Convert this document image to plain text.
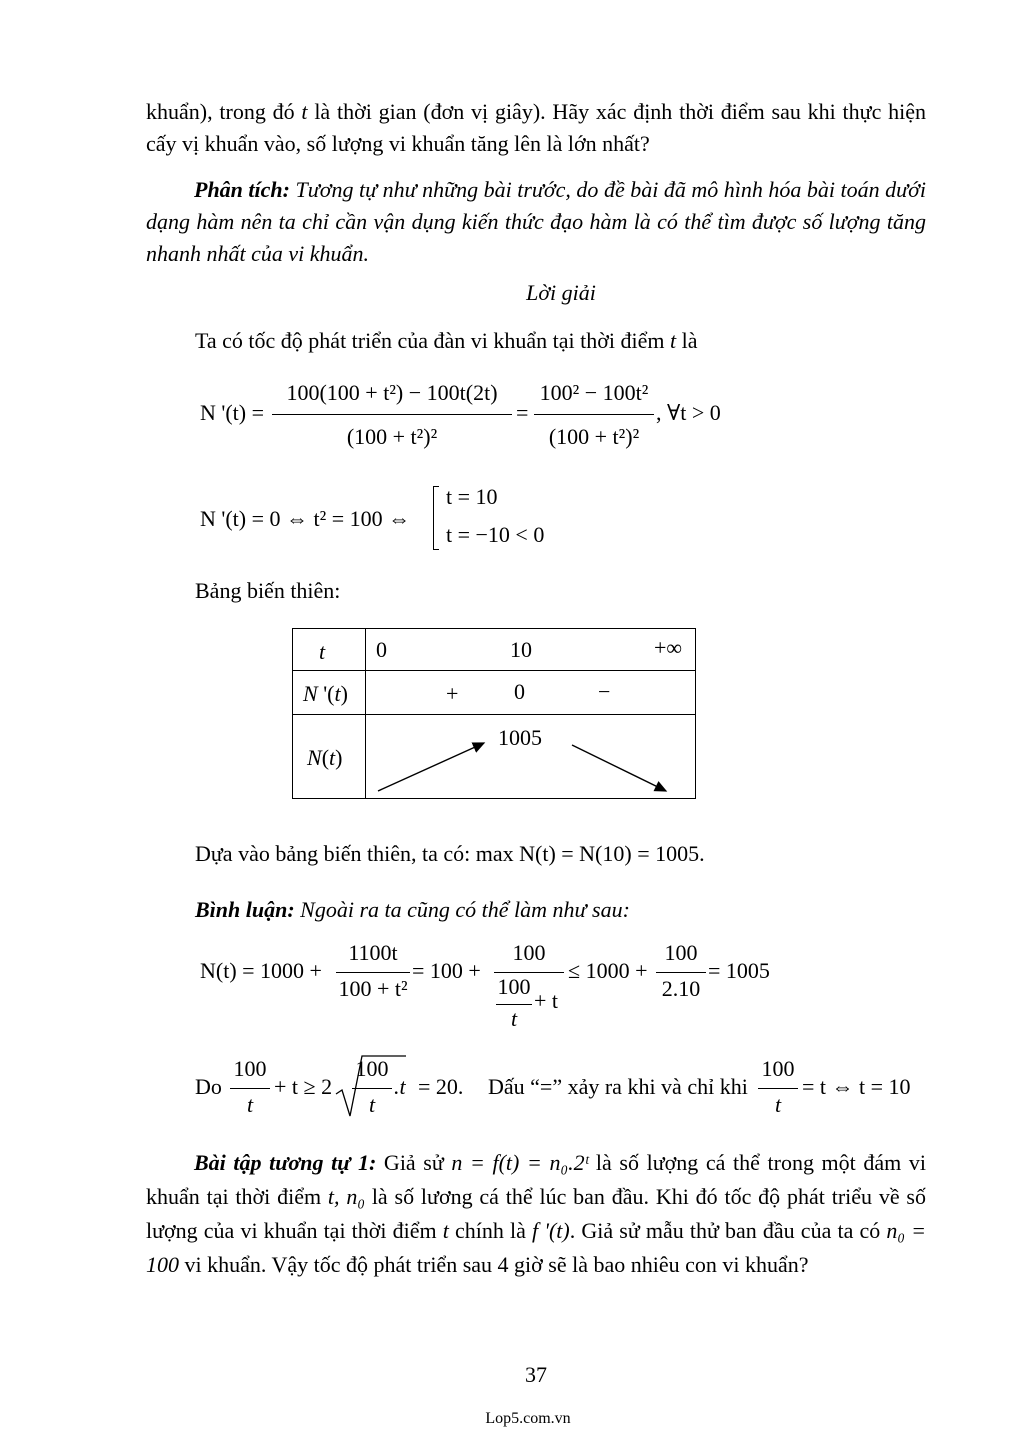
khuẩn), trong đó t là thời gian (đơn vị giây). Hãy xác định thời điểm sau khi thực hiện cấy vị khuẩn vào, số lượng vi khuẩn tăng lên là lớn nhất?
Phân tích: Tương tự như những bài trước, do đề bài đã mô hình hóa bài toán dưới dạng hàm nên ta chỉ cần vận dụng kiến thức đạo hàm là có thể tìm được số lượng tăng nhanh nhất của vi khuẩn.
Lời giải
Ta có tốc độ phát triển của đàn vi khuẩn tại thời điểm t là
N '(t) =
100(100 + t²) − 100t(2t)
(100 + t²)²
=
100² − 100t²
(100 + t²)²
, ∀t > 0
N '(t) = 0 ⇔ t² = 100 ⇔
t = 10
t = −10 < 0
Bảng biến thiên:
t	0 10 +∞

N '(t)	+ 0 −

N(t)	1005
Dựa vào bảng biến thiên, ta có: max N(t) = N(10) = 1005.
Bình luận: Ngoài ra ta cũng có thể làm như sau:
N(t) = 1000 +
1100t
100 + t²
= 100 +
100
100
t
+ t
≤ 1000 +
100
2.10
= 1005
Do
100
t
+ t ≥ 2
100
t
.t = 20. Dấu “=” xảy ra khi và chỉ khi
100
t
= t ⇔ t = 10
Bài tập tương tự 1: Giả sử n = f(t) = n₀.2ᵗ là số lượng cá thể trong một đám vi khuẩn tại thời điểm t, n₀ là số lương cá thể lúc ban đầu. Khi đó tốc độ phát triểu về số lượng của vi khuẩn tại thời điểm t chính là f '(t). Giả sử mẫu thử ban đầu của ta có n₀ = 100 vi khuẩn. Vậy tốc độ phát triển sau 4 giờ sẽ là bao nhiêu con vi khuẩn?
37
Lop5.com.vn
